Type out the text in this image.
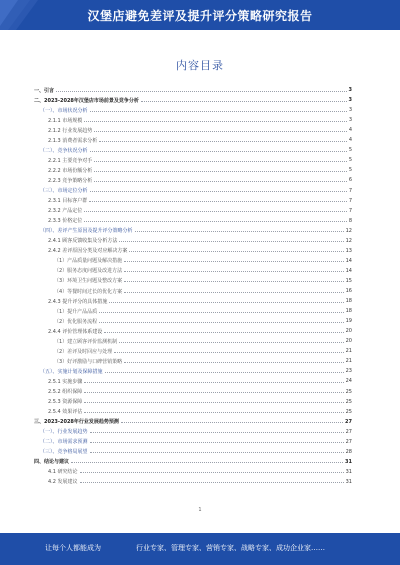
汉堡店避免差评及提升评分策略研究报告
内容目录
一、引言	3
二、2023-2028年汉堡店市场前景及竞争分析	3
（一）、市场状况分析	3
2.1.1 市场规模	3
2.1.2 行业发展趋势	4
2.1.3 消费者需求分析	4
（二）、竞争状况分析	5
2.2.1 主要竞争对手	5
2.2.2 市场份额分析	5
2.2.3 竞争策略分析	6
（三）、市场定位分析	7
2.3.1 目标客户群	7
2.3.2 产品定位	7
2.3.3 价格定位	8
（四）、差评产生原因及提升评分策略分析	12
2.4.1 顾客反馈收集及分析方法	12
2.4.2 差评原因分类及对应解决方案	13
（1）产品质量问题及解决措施	14
（2）服务态度问题及改进方法	14
（3）环境卫生问题及整改方案	15
（4）等餐时间过长的优化方案	16
2.4.3 提升评分的具体措施	18
（1）提升产品品质	18
（2）优化服务流程	19
2.4.4 评价管理体系建设	20
（1）建立顾客评价监测机制	20
（2）差评及时回应与处理	21
（3）好评激励与口碑营销策略	21
（五）、实施计划及保障措施	23
2.5.1 实施步骤	24
2.5.2 组织保障	25
2.5.3 资源保障	25
2.5.4 效果评估	25
三、2023-2028年行业发展趋势预测	27
（一）、行业发展趋势	27
（二）、市场需求预测	27
（三）、竞争格局展望	28
四、结论与建议	31
4.1 研究结论	31
4.2 发展建议	31
1
让每个人都能成为	行业专家、管理专家、营销专家、战略专家、成功企业家……
